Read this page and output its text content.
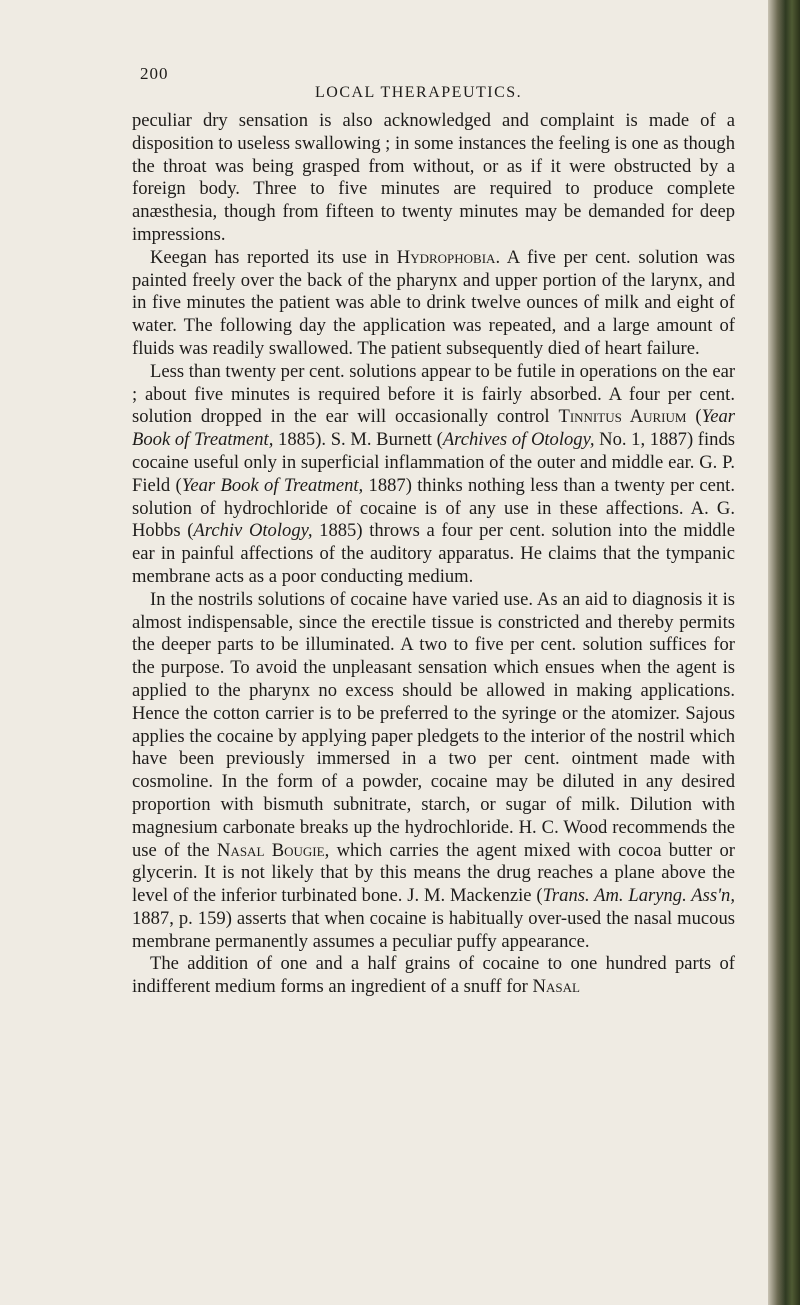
200
LOCAL THERAPEUTICS.

peculiar dry sensation is also acknowledged and complaint is made of a disposition to useless swallowing ; in some instances the feeling is one as though the throat was being grasped from without, or as if it were obstructed by a foreign body. Three to five minutes are required to produce complete anæsthesia, though from fifteen to twenty minutes may be demanded for deep impressions.

Keegan has reported its use in Hydrophobia. A five per cent. solution was painted freely over the back of the pharynx and upper portion of the larynx, and in five minutes the patient was able to drink twelve ounces of milk and eight of water. The following day the application was repeated, and a large amount of fluids was readily swallowed. The patient subsequently died of heart failure.

Less than twenty per cent. solutions appear to be futile in operations on the ear ; about five minutes is required before it is fairly absorbed. A four per cent. solution dropped in the ear will occasionally control Tinnitus Aurium (Year Book of Treatment, 1885). S. M. Burnett (Archives of Otology, No. 1, 1887) finds cocaine useful only in superficial inflammation of the outer and middle ear. G. P. Field (Year Book of Treatment, 1887) thinks nothing less than a twenty per cent. solution of hydrochloride of cocaine is of any use in these affections. A. G. Hobbs (Archiv Otology, 1885) throws a four per cent. solution into the middle ear in painful affections of the auditory apparatus. He claims that the tympanic membrane acts as a poor conducting medium.

In the nostrils solutions of cocaine have varied use. As an aid to diagnosis it is almost indispensable, since the erectile tissue is constricted and thereby permits the deeper parts to be illuminated. A two to five per cent. solution suffices for the purpose. To avoid the unpleasant sensation which ensues when the agent is applied to the pharynx no excess should be allowed in making applications. Hence the cotton carrier is to be preferred to the syringe or the atomizer. Sajous applies the cocaine by applying paper pledgets to the interior of the nostril which have been previously immersed in a two per cent. ointment made with cosmoline. In the form of a powder, cocaine may be diluted in any desired proportion with bismuth subnitrate, starch, or sugar of milk. Dilution with magnesium carbonate breaks up the hydrochloride. H. C. Wood recommends the use of the Nasal Bougie, which carries the agent mixed with cocoa butter or glycerin. It is not likely that by this means the drug reaches a plane above the level of the inferior turbinated bone. J. M. Mackenzie (Trans. Am. Laryng. Ass'n, 1887, p. 159) asserts that when cocaine is habitually over-used the nasal mucous membrane permanently assumes a peculiar puffy appearance.

The addition of one and a half grains of cocaine to one hundred parts of indifferent medium forms an ingredient of a snuff for Nasal
